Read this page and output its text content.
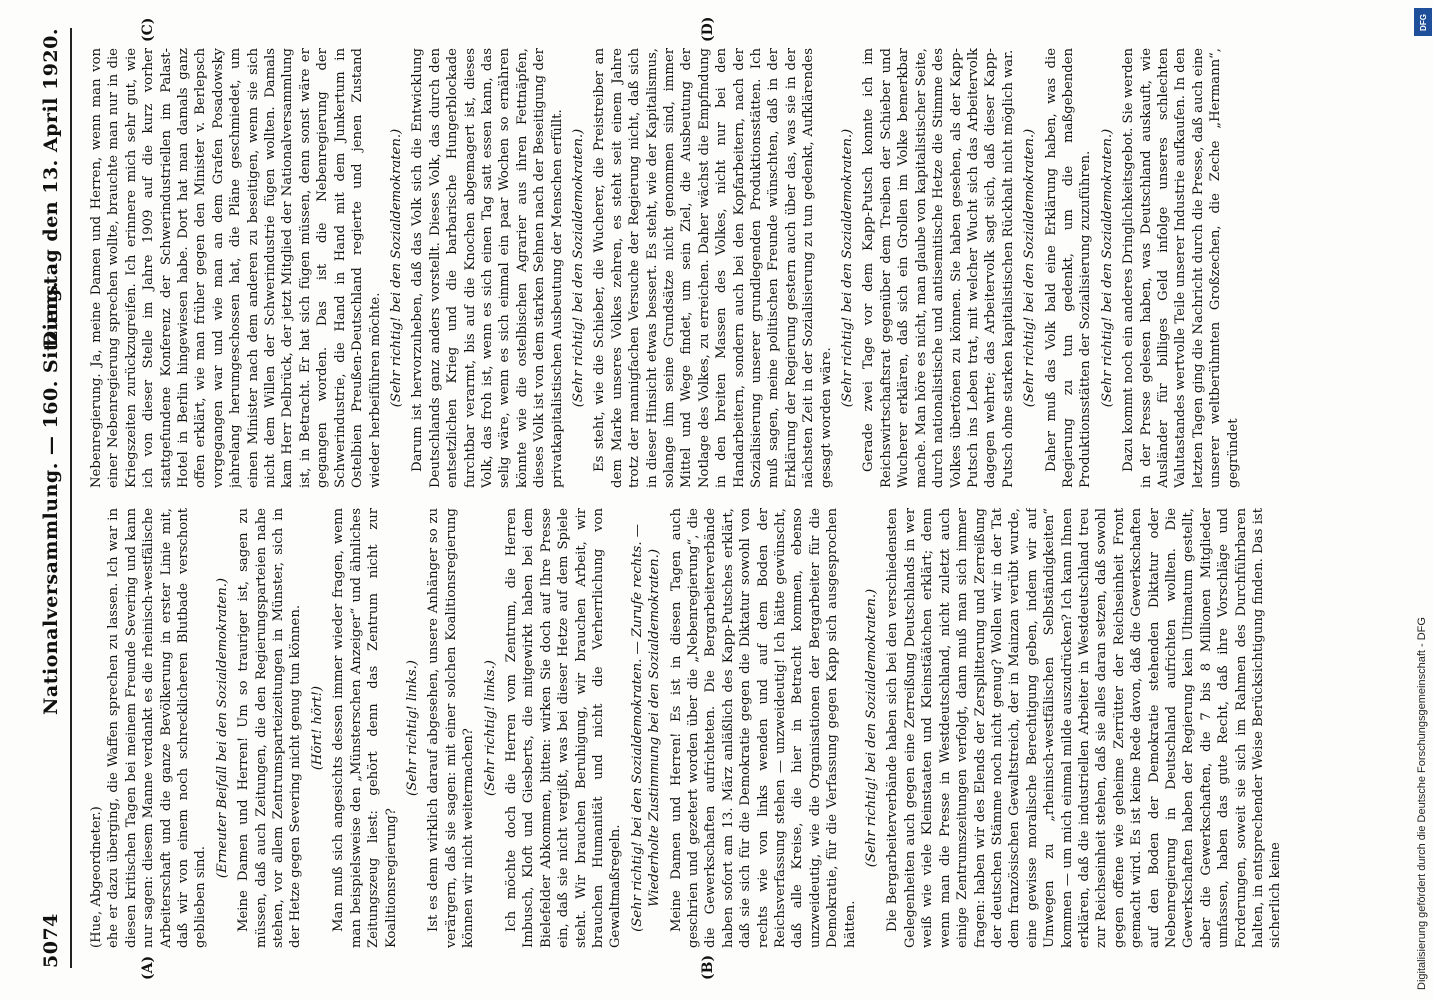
5074
Nationalversammlung. — 160. Sitzung.
Dienstag den 13. April 1920.
(A)	(B)
(C)	(D)

(Hue, Abgeordneter.) ehe er dazu überging, die Waffen sprechen zu lassen. Ich war in diesen kritischen Tagen bei meinem Freunde Severing und kann nur sagen: diesem Manne verdankt es die rheinisch-westfälische Arbeiterschaft und die ganze Bevölkerung in erster Linie mit, daß wir von einem noch schrecklicheren Blutbade verschont geblieben sind.

(Erneuter Beifall bei den Sozialdemokraten.) Meine Damen und Herren! Um so trauriger ist, sagen zu müssen, daß auch Zeitungen, die den Regierungsparteien nahe stehen, vor allem Zentrumsparteizeitungen in Münster, sich in der Hetze gegen Severing nicht genug tun können. (Hört! hört!) Man muß sich angesichts dessen immer wieder fragen, wenn man beispielsweise den „Münsterschen Anzeiger“ und ähnliches Zeitungszeug liest: gehört denn das Zentrum nicht zur Koalitionsregierung?

(Sehr richtig! links.) Ist es denn wirklich darauf abgesehen, unsere Anhänger so zu verärgern, daß sie sagen: mit einer solchen Koalitionsregierung können wir nicht weitermachen?

(Sehr richtig! links.) Ich möchte doch die Herren vom Zentrum, die Herren Imbusch, Kloft und Giesberts, die mitgewirkt haben bei dem Bielefelder Abkommen, bitten: wirken Sie doch auf Ihre Presse ein, daß sie nicht vergißt, was bei dieser Hetze auf dem Spiele steht. Wir brauchen Beruhigung, wir brauchen Arbeit, wir brauchen Humanität und nicht die Verherrlichung von Gewaltmaßregeln. (Sehr richtig! bei den Sozialdemokraten. — Zurufe rechts. — Wiederholte Zustimmung bei den Sozialdemokraten.) Meine Damen und Herren! Es ist in diesen Tagen auch geschrien und gezetert worden über die „Nebenregierung“, die die Gewerkschaften aufrichteten. Die Bergarbeiterverbände haben sofort am 13. März anläßlich des Kapp-Putsches erklärt, daß sie sich für die Demokratie gegen die Diktatur sowohl von rechts wie von links wenden und auf dem Boden der Reichsverfassung stehen — unzweideutig! Ich hätte gewünscht, daß alle Kreise, die hier in Betracht kommen, ebenso unzweideutig, wie die Organisationen der Bergarbeiter für die Demokratie, für die Verfassung gegen Kapp sich ausgesprochen hätten.

(Sehr richtig! bei den Sozialdemokraten.) Die Bergarbeiterverbände haben sich bei den verschiedensten Gelegenheiten auch gegen eine Zerreißung Deutschlands in wer weiß wie viele Kleinstaaten und Kleinstäätchen erklärt; denn wenn man die Presse in Westdeutschland, nicht zuletzt auch einige Zentrumszeitungen verfolgt, dann muß man sich immer fragen: haben wir des Elends der Zersplitterung und Zerreißung der deutschen Stämme noch nicht genug? Wollen wir in der Tat dem französischen Gewaltstreich, der in Mainzan verübt wurde, eine gewisse moralische Berechtigung geben, indem wir auf Umwegen zu „rheinisch-westfälischen Selbständigkeiten“ kommen — um mich einmal milde auszudrücken? Ich kann Ihnen erklären, daß die industriellen Arbeiter in Westdeutschland treu zur Reichseinheit stehen, daß sie alles daran setzen, daß sowohl gegen offene wie geheime Zerrütter der Reichseinheit Front gemacht wird. Es ist keine Rede davon, daß die Gewerkschaften auf den Boden der Demokratie stehenden Diktatur oder Nebenregierung in Deutschland aufrichten wollten. Die Gewerkschaften haben der Regierung kein Ultimatum gestellt, aber die Gewerkschaften, die 7 bis 8 Millionen Mitglieder umfassen, haben das gute Recht, daß ihre Vorschläge und Forderungen, soweit sie sich im Rahmen des Durchführbaren halten, in entsprechender Weise Berücksichtigung finden. Das ist sicherlich keine

Nebenregierung. Ja, meine Damen und Herren, wenn man von einer Nebenregierung sprechen wollte, brauchte man nur in die Kriegszeiten zurückzugreifen. Ich erinnere mich sehr gut, wie ich von dieser Stelle im Jahre 1909 auf die kurz vorher stattgefundene Konferenz der Schwerindustriellen im Palast-Hotel in Berlin hingewiesen habe. Dort hat man damals ganz offen erklärt, wie man früher gegen den Minister v. Berlepsch vorgegangen war und wie man an dem Grafen Posadowsky jahrelang herumgeschossen hat, die Pläne geschmiedet, um einen Minister nach dem anderen zu beseitigen, wenn sie sich nicht dem Willen der Schwerindustrie fügen wollten. Damals kam Herr Delbrück, der jetzt Mitglied der Nationalversammlung ist, in Betracht. Er hat sich fügen müssen, denn sonst wäre er gegangen worden. Das ist die Nebenregierung der Schwerindustrie, die Hand in Hand mit dem Junkertum in Ostelbien Preußen-Deutschland regierte und jenen Zustand wieder herbeiführen möchte. (Sehr richtig! bei den Sozialdemokraten.) Darum ist hervorzuheben, daß das Volk sich die Entwicklung Deutschlands ganz anders vorstellt. Dieses Volk, das durch den entsetzlichen Krieg und die barbarische Hungerblockade furchtbar verarmt, bis auf die Knochen abgemagert ist, dieses Volk, das froh ist, wenn es sich einen Tag satt essen kann, das selig wäre, wenn es sich einmal ein paar Wochen so ernähren könnte wie die ostelbischen Agrarier aus ihren Fettnäpfen, dieses Volk ist von dem starken Sehnen nach der Beseitigung der privatkapitalistischen Ausbeutung der Menschen erfüllt. (Sehr richtig! bei den Sozialdemokraten.) Es steht, wie die Schieber, die Wucherer, die Preistreiber an dem Marke unseres Volkes zehren, es steht seit einem Jahre trotz der mannigfachen Versuche der Regierung nicht, daß sich in dieser Hinsicht etwas bessert. Es steht, wie der Kapitalismus, solange ihm seine Grundsätze nicht genommen sind, immer Mittel und Wege findet, um sein Ziel, die Ausbeutung der Notlage des Volkes, zu erreichen. Daher wächst die Empfindung in den breiten Massen des Volkes, nicht nur bei den Handarbeitern, sondern auch bei den Kopfarbeitern, nach der Sozialisierung unserer grundlegenden Produktionsstätten. Ich muß sagen, meine politischen Freunde wünschten, daß in der Erklärung der Regierung gestern auch über das, was sie in der nächsten Zeit in der Sozialisierung zu tun gedenkt, Aufklärendes gesagt worden wäre.

(Sehr richtig! bei den Sozialdemokraten.) Gerade zwei Tage vor dem Kapp-Putsch konnte ich im Reichswirtschaftsrat gegenüber dem Treiben der Schieber und Wucherer erklären, daß sich ein Grollen im Volke bemerkbar mache. Man höre es nicht, man glaube von kapitalistischer Seite, durch nationalistische und antisemitische Hetze die Stimme des Volkes übertönen zu können. Sie haben gesehen, als der Kapp-Putsch ins Leben trat, mit welcher Wucht sich das Arbeitervolk dagegen wehrte; das Arbeitervolk sagt sich, daß dieser Kapp-Putsch ohne starken kapitalistischen Rückhalt nicht möglich war. (Sehr richtig! bei den Sozialdemokraten.) Daher muß das Volk bald eine Erklärung haben, was die Regierung zu tun gedenkt, um die maßgebenden Produktionsstätten der Sozialisierung zuzuführen. (Sehr richtig! bei den Sozialdemokraten.) Dazu kommt noch ein anderes Dringlichkeitsgebot. Sie werden in der Presse gelesen haben, was Deutschland auskauft, wie Ausländer für billiges Geld infolge unseres schlechten Valutastandes wertvolle Teile unserer Industrie aufkaufen. In den letzten Tagen ging die Nachricht durch die Presse, daß auch eine unserer weltberühmten Großzechen, die Zeche „Hermann“, gegründet

Digitalisierung gefördert durch die Deutsche Forschungsgemeinschaft - DFG
DFG
